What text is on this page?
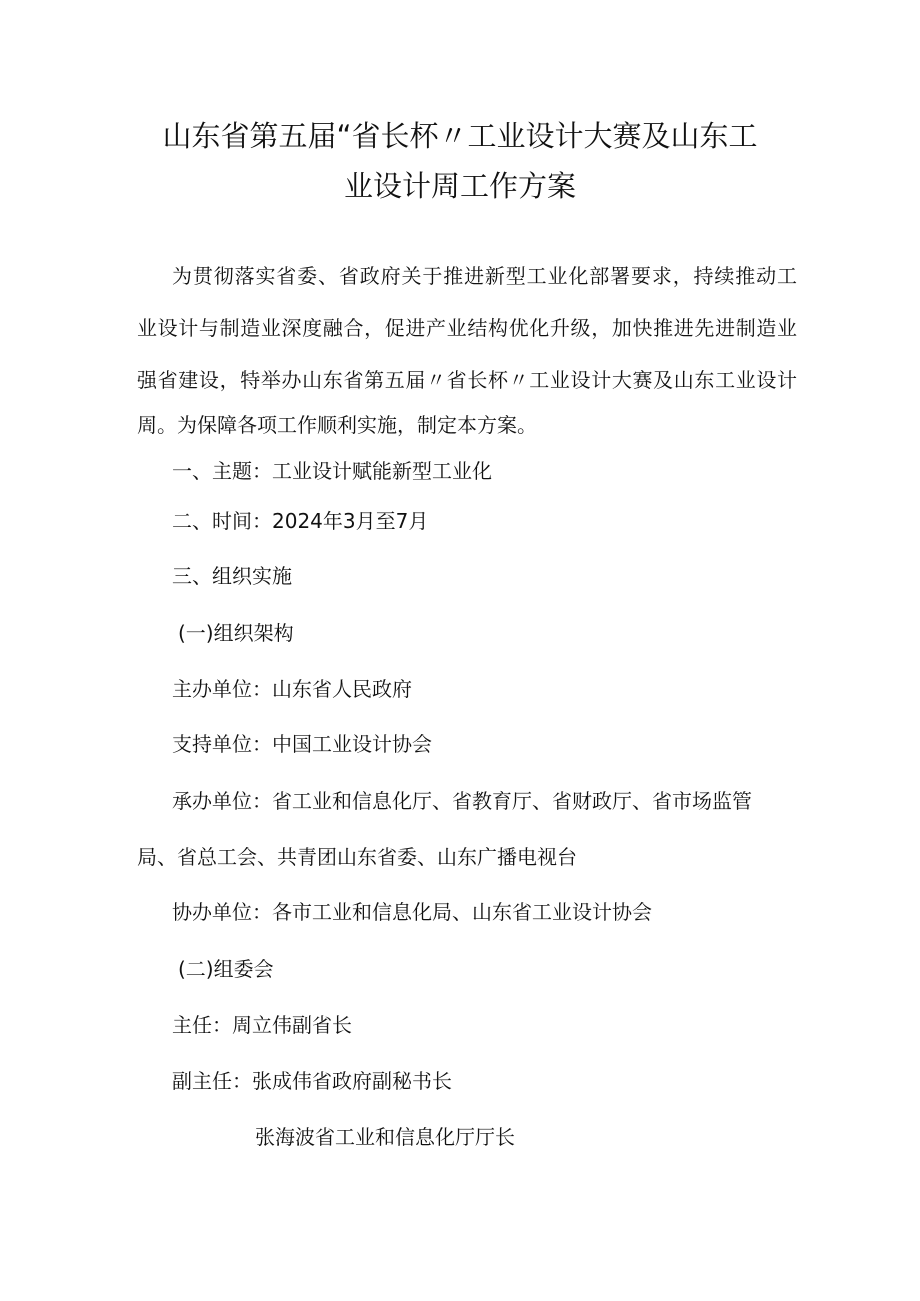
山东省第五届“省长杯〃工业设计大赛及山东工
业设计周工作方案
为贯彻落实省委、省政府关于推进新型工业化部署要求，持续推动工
业设计与制造业深度融合，促进产业结构优化升级，加快推进先进制造业
强省建设，特举办山东省第五届〃省长杯〃工业设计大赛及山东工业设计
周。为保障各项工作顺利实施，制定本方案。
一、主题：工业设计赋能新型工业化
二、时间：2024年3月至7月
三、组织实施
(一)组织架构
主办单位：山东省人民政府
支持单位：中国工业设计协会
承办单位：省工业和信息化厅、省教育厅、省财政厅、省市场监管
局、省总工会、共青团山东省委、山东广播电视台
协办单位：各市工业和信息化局、山东省工业设计协会
(二)组委会
主任：周立伟副省长
副主任：张成伟省政府副秘书长
张海波省工业和信息化厅厅长
